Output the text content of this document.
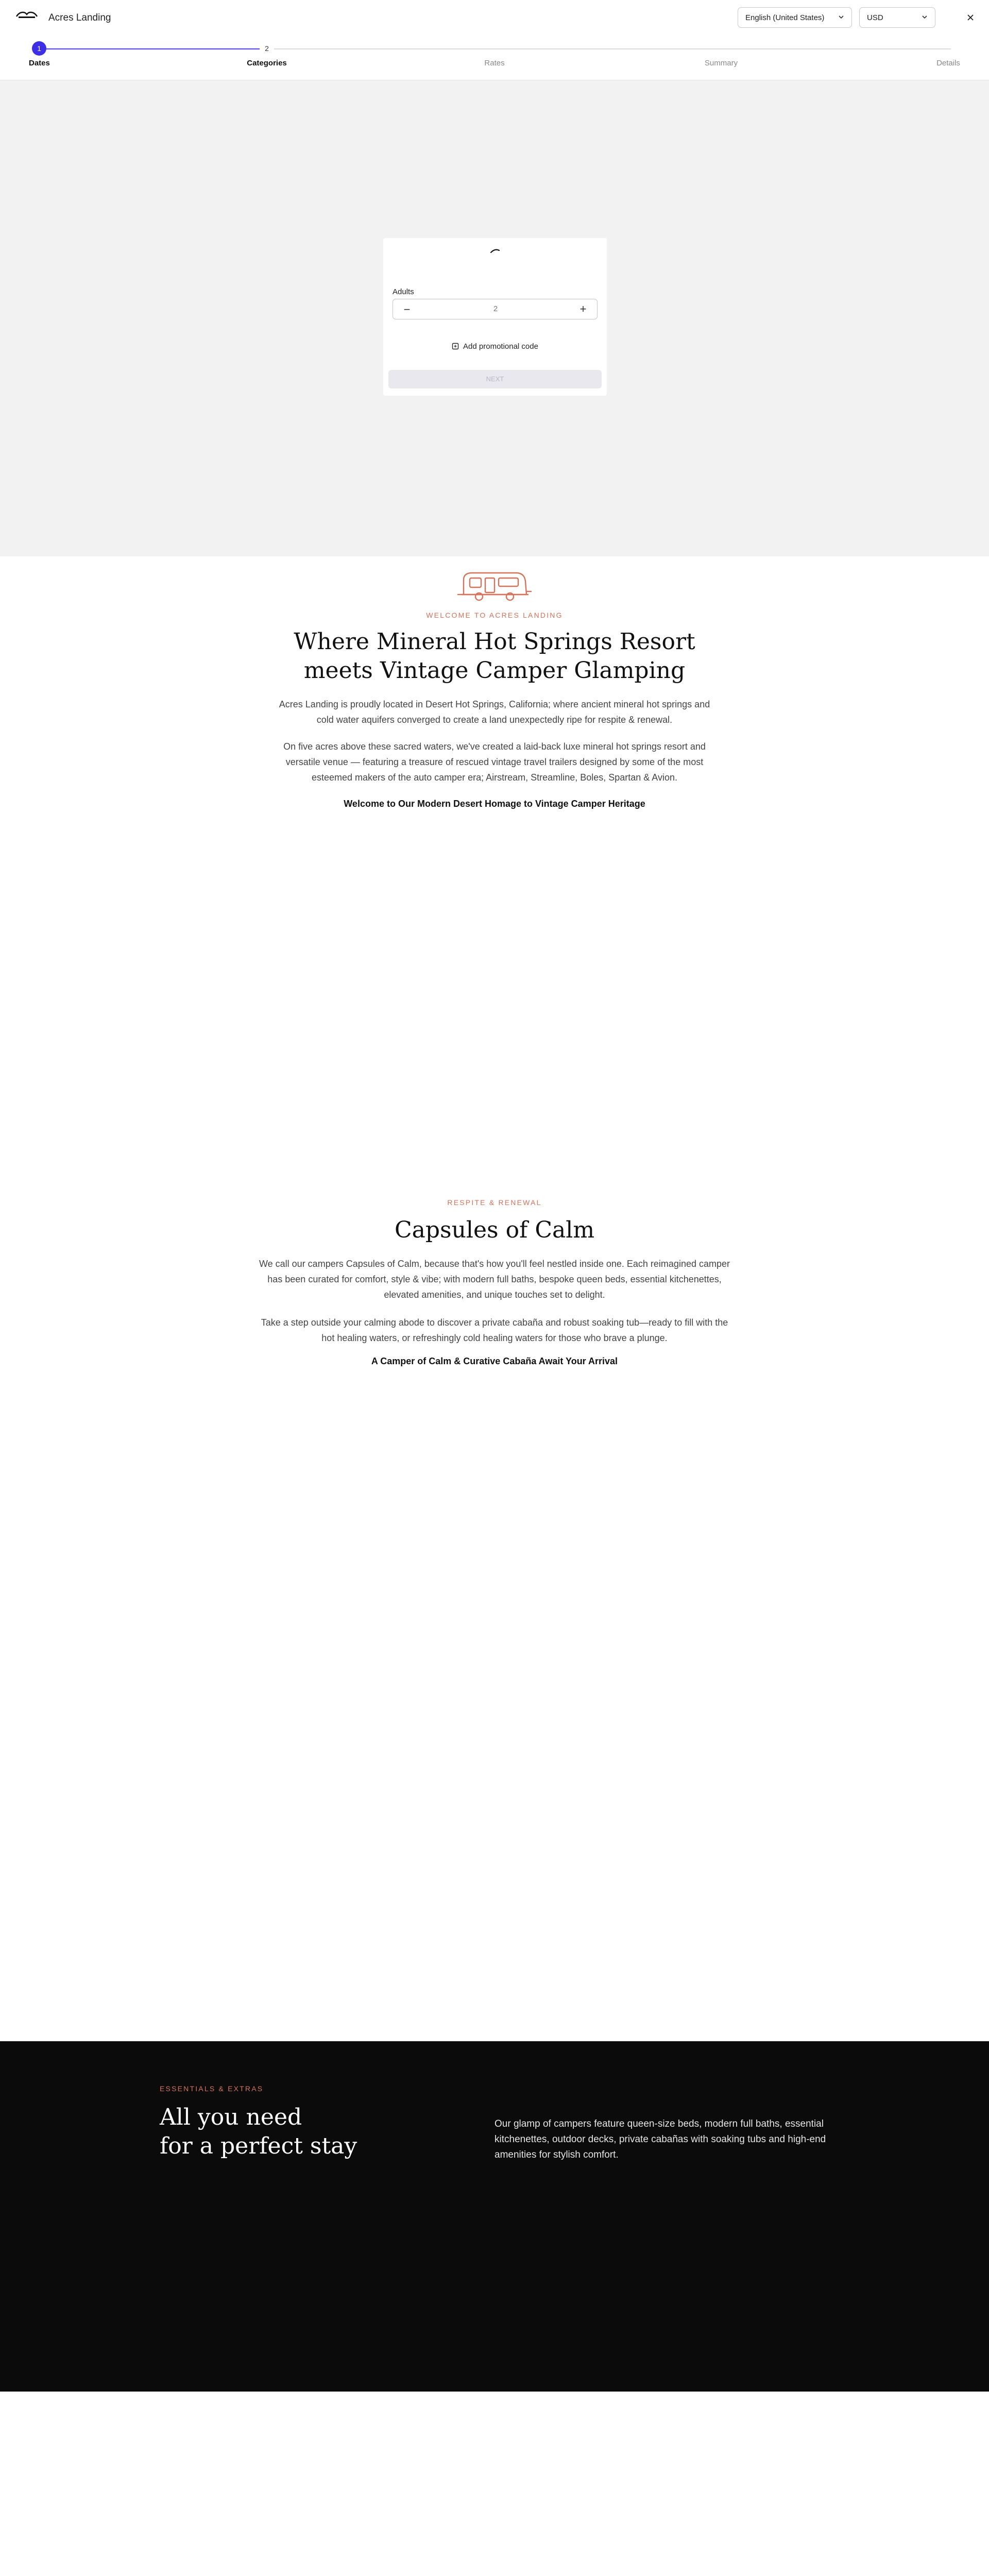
Acres Landing	English (United States)	USD
1
Dates
2
Categories	Rates	Summary	Details
Adults
−	2	+
Add promotional code
NEXT
WELCOME TO ACRES LANDING
Where Mineral Hot Springs Resort
meets Vintage Camper Glamping
Acres Landing is proudly located in Desert Hot Springs, California; where ancient mineral hot springs and
cold water aquifers converged to create a land unexpectedly ripe for respite & renewal.
On five acres above these sacred waters, we've created a laid-back luxe mineral hot springs resort and
versatile venue — featuring a treasure of rescued vintage travel trailers designed by some of the most
esteemed makers of the auto camper era; Airstream, Streamline, Boles, Spartan & Avion.
Welcome to Our Modern Desert Homage to Vintage Camper Heritage
RESPITE & RENEWAL
Capsules of Calm
We call our campers Capsules of Calm, because that's how you'll feel nestled inside one. Each reimagined camper
has been curated for comfort, style & vibe; with modern full baths, bespoke queen beds, essential kitchenettes,
elevated amenities, and unique touches set to delight.
Take a step outside your calming abode to discover a private cabaña and robust soaking tub—ready to fill with the
hot healing waters, or refreshingly cold healing waters for those who brave a plunge.
A Camper of Calm & Curative Cabaña Await Your Arrival
ESSENTIALS & EXTRAS
All you need
for a perfect stay
Our glamp of campers feature queen-size beds, modern full baths, essential kitchenettes, outdoor decks, private cabañas with soaking tubs and high-end amenities for stylish comfort.
